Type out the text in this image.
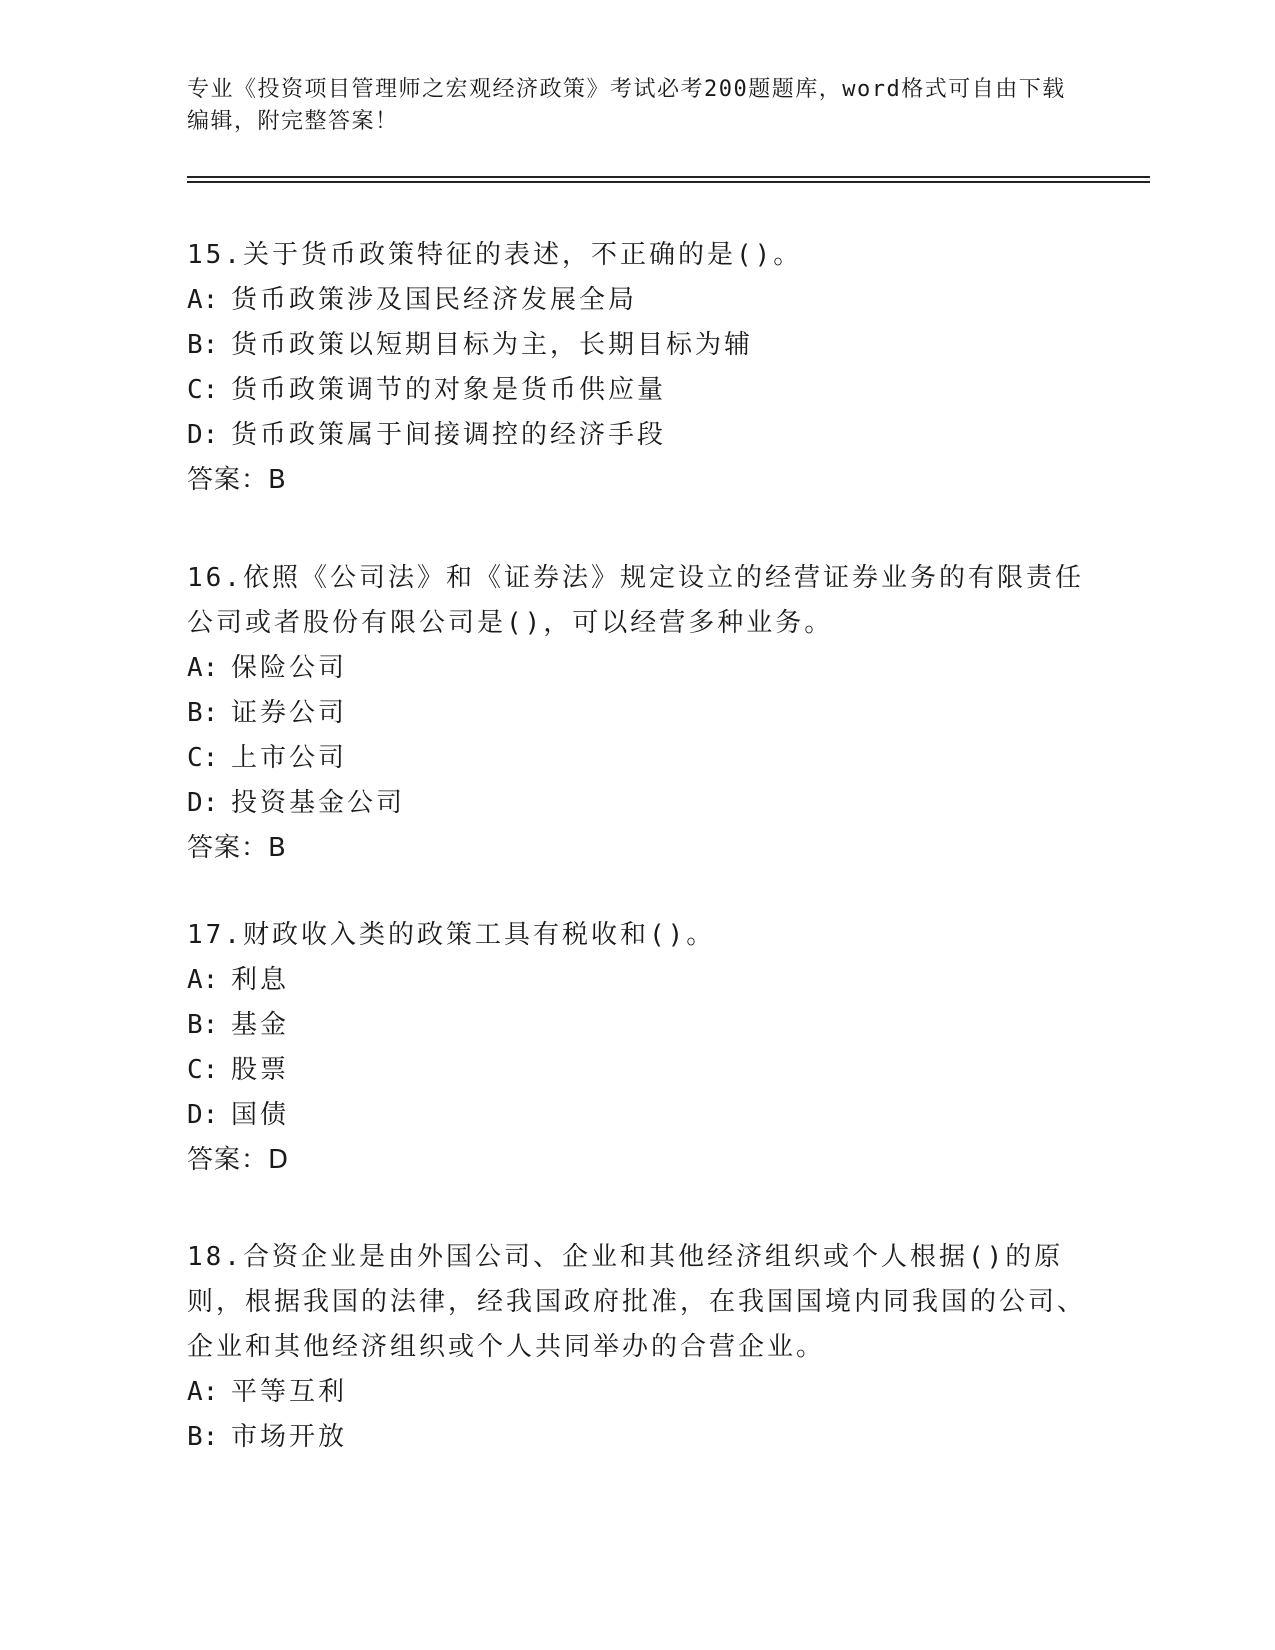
专业《投资项目管理师之宏观经济政策》考试必考200题题库，word格式可自由下载编辑，附完整答案！

15.关于货币政策特征的表述，不正确的是()。

A: 货币政策涉及国民经济发展全局

B: 货币政策以短期目标为主，长期目标为辅

C: 货币政策调节的对象是货币供应量

D: 货币政策属于间接调控的经济手段

答案：B

16.依照《公司法》和《证券法》规定设立的经营证券业务的有限责任公司或者股份有限公司是()，可以经营多种业务。

A: 保险公司

B: 证券公司

C: 上市公司

D: 投资基金公司

答案：B

17.财政收入类的政策工具有税收和()。

A: 利息

B: 基金

C: 股票

D: 国债

答案：D

18.合资企业是由外国公司、企业和其他经济组织或个人根据()的原则，根据我国的法律，经我国政府批准，在我国国境内同我国的公司、企业和其他经济组织或个人共同举办的合营企业。

A: 平等互利

B: 市场开放
